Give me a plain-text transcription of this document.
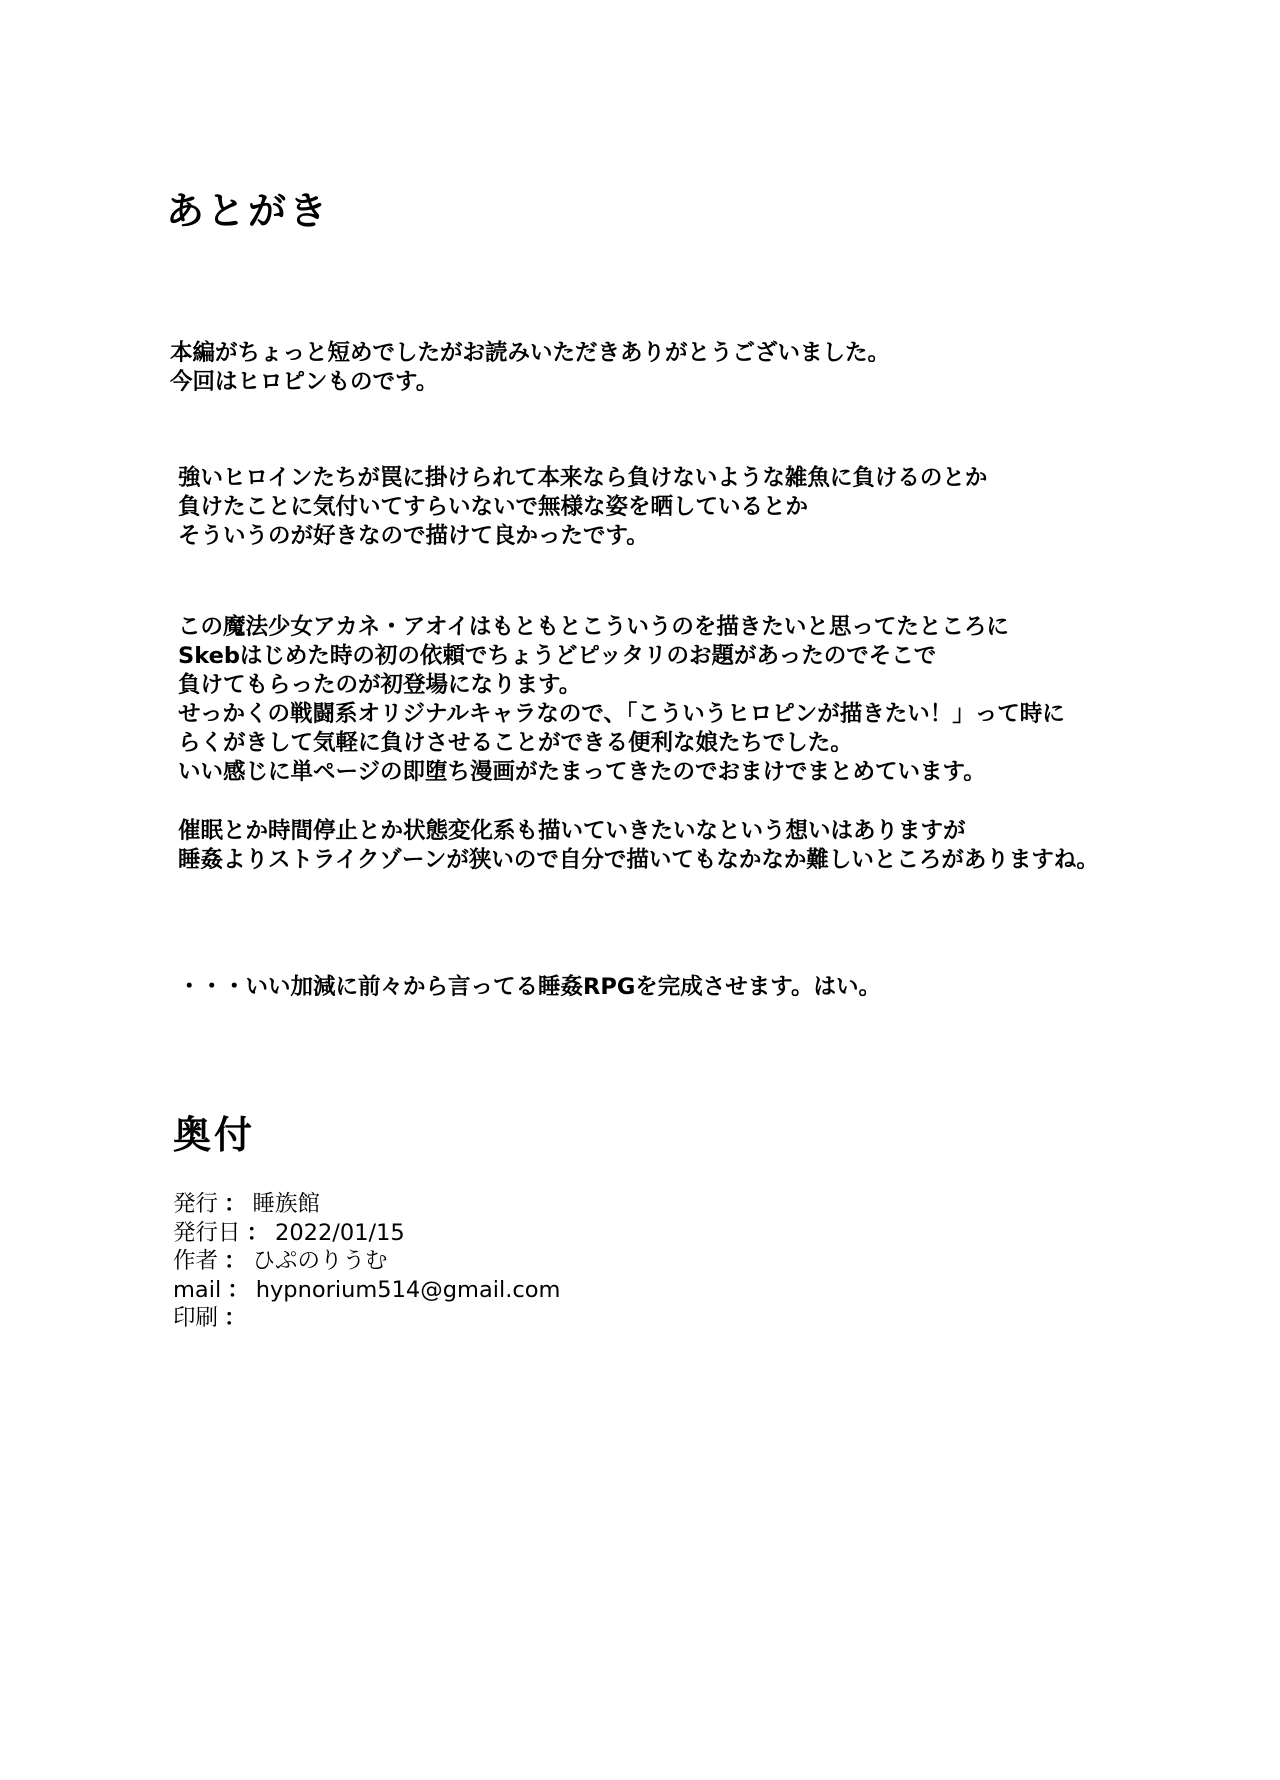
あとがき
本編がちょっと短めでしたがお読みいただきありがとうございました。
今回はヒロピンものです。
強いヒロインたちが罠に掛けられて本来なら負けないような雑魚に負けるのとか
負けたことに気付いてすらいないで無様な姿を晒しているとか
そういうのが好きなので描けて良かったです。
この魔法少女アカネ・アオイはもともとこういうのを描きたいと思ってたところに
Skebはじめた時の初の依頼でちょうどピッタリのお題があったのでそこで
負けてもらったのが初登場になります。
せっかくの戦闘系オリジナルキャラなので、「こういうヒロピンが描きたい！」って時に
らくがきして気軽に負けさせることができる便利な娘たちでした。
いい感じに単ページの即堕ち漫画がたまってきたのでおまけでまとめています。
催眠とか時間停止とか状態変化系も描いていきたいなという想いはありますが
睡姦よりストライクゾーンが狭いので自分で描いてもなかなか難しいところがありますね。
・・・いい加減に前々から言ってる睡姦RPGを完成させます。はい。
奥付
発行 ： 睡族館
発行日 ： 2022/01/15
作者 ： ひぷのりうむ
mail ： hypnorium514@gmail.com
印刷 ：
